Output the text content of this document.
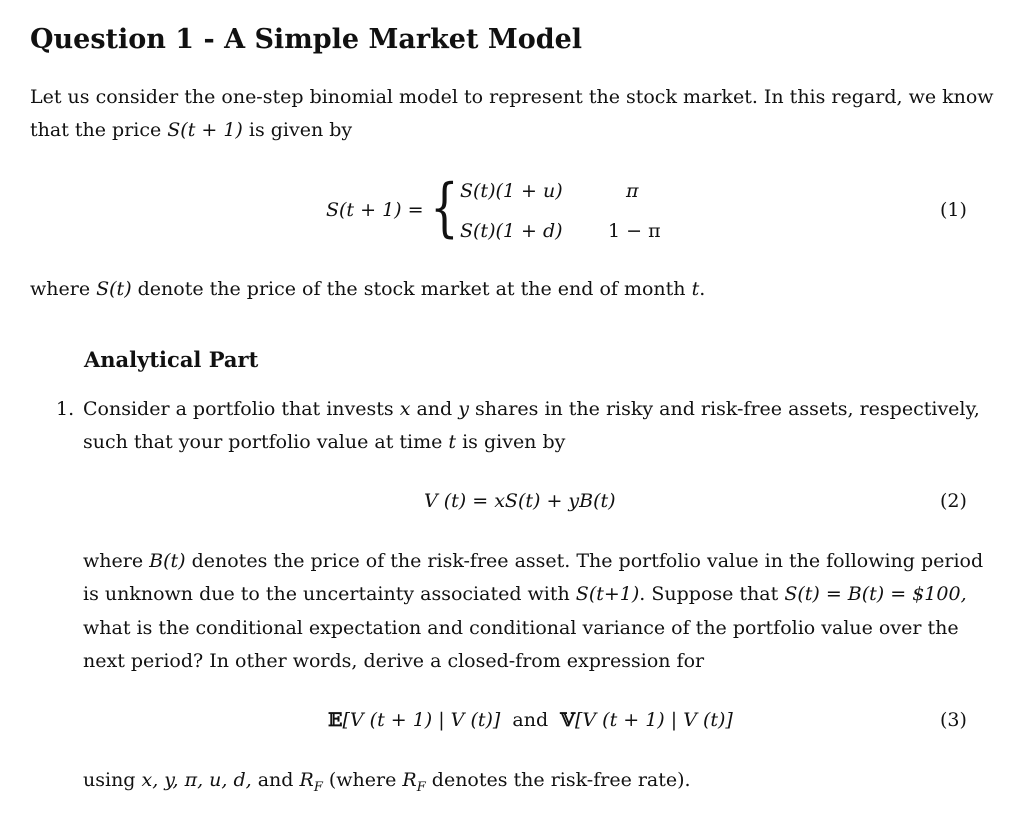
Question 1 - A Simple Market Model
Let us consider the one-step binomial model to represent the stock market. In this regard, we know
that the price S(t + 1) is given by
S(t + 1) = { S(t)(1 + u)	π
S(t)(1 + d) 1 − π
(1)
where S(t) denote the price of the stock market at the end of month t.
Analytical Part
1. Consider a portfolio that invests x and y shares in the risky and risk-free assets, respectively,
such that your portfolio value at time t is given by
V (t) = xS(t) + yB(t)	(2)
where B(t) denotes the price of the risk-free asset. The portfolio value in the following period
is unknown due to the uncertainty associated with S(t+1). Suppose that S(t) = B(t) = $100,
what is the conditional expectation and conditional variance of the portfolio value over the
next period? In other words, derive a closed-from expression for
𝔼[V (t + 1) | V (t)] and 𝕍[V (t + 1) | V (t)]	(3)
using x, y, π, u, d, and $R_F$ (where $R_F$ denotes the risk-free rate).
